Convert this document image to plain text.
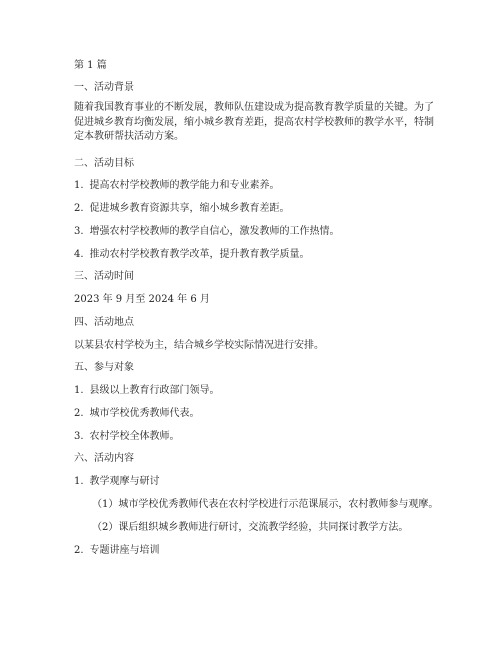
第 1 篇
一、活动背景
随着我国教育事业的不断发展，教师队伍建设成为提高教育教学质量的关键。为了促进城乡教育均衡发展，缩小城乡教育差距，提高农村学校教师的教学水平，特制定本教研帮扶活动方案。
二、活动目标
1. 提高农村学校教师的教学能力和专业素养。
2. 促进城乡教育资源共享，缩小城乡教育差距。
3. 增强农村学校教师的教学自信心，激发教师的工作热情。
4. 推动农村学校教育教学改革，提升教育教学质量。
三、活动时间
2023 年 9 月至 2024 年 6 月
四、活动地点
以某县农村学校为主，结合城乡学校实际情况进行安排。
五、参与对象
1. 县级以上教育行政部门领导。
2. 城市学校优秀教师代表。
3. 农村学校全体教师。
六、活动内容
1. 教学观摩与研讨
（1）城市学校优秀教师代表在农村学校进行示范课展示，农村教师参与观摩。
（2）课后组织城乡教师进行研讨，交流教学经验，共同探讨教学方法。
2. 专题讲座与培训
